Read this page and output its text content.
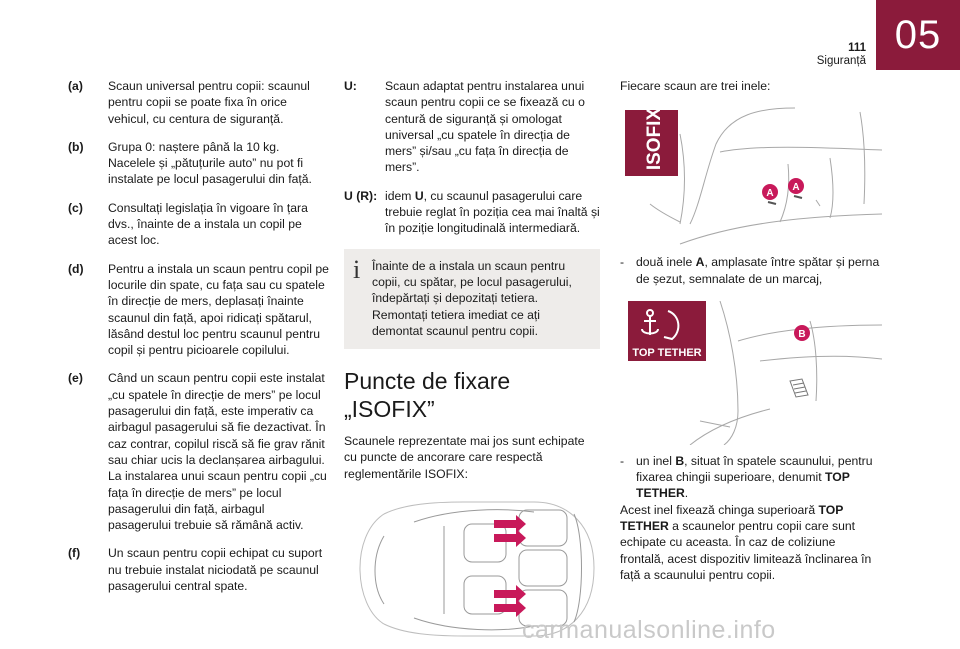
111
Siguranță
05
(a)	Scaun universal pentru copii: scaunul pentru copii se poate fixa în orice vehicul, cu centura de siguranță.
(b)	Grupa 0: naștere până la 10 kg. Nacelele și „pătuțurile auto” nu pot fi instalate pe locul pasagerului din față.
(c)	Consultați legislația în vigoare în țara dvs., înainte de a instala un copil pe acest loc.
(d)	Pentru a instala un scaun pentru copil pe locurile din spate, cu fața sau cu spatele în direcție de mers, deplasați înainte scaunul din față, apoi ridicați spătarul, lăsând destul loc pentru scaunul pentru copil și pentru picioarele copilului.
(e)	Când un scaun pentru copii este instalat „cu spatele în direcție de mers” pe locul pasagerului din față, este imperativ ca airbagul pasagerului să fie dezactivat. În caz contrar, copilul riscă să fie grav rănit sau chiar ucis la declanșarea airbagului. La instalarea unui scaun pentru copii „cu fața în direcție de mers” pe locul pasagerului din față, airbagul pasagerului trebuie să rămână activ.
(f)	Un scaun pentru copii echipat cu suport nu trebuie instalat niciodată pe scaunul pasagerului central spate.
U:	Scaun adaptat pentru instalarea unui scaun pentru copii ce se fixează cu o centură de siguranță și omologat universal „cu spatele în direcția de mers” și/sau „cu fața în direcția de mers”.
U (R): idem U, cu scaunul pasagerului care trebuie reglat în poziția cea mai înaltă și în poziție longitudinală intermediară.
i Înainte de a instala un scaun pentru copii, cu spătar, pe locul pasagerului, îndepărtați și depozitați tetiera. Remontați tetiera imediat ce ați demontat scaunul pentru copii.
Puncte de fixare „ISOFIX”
Scaunele reprezentate mai jos sunt echipate cu puncte de ancorare care respectă reglementările ISOFIX:
Fiecare scaun are trei inele:
ISOFIX
A
A
- două inele A, amplasate între spătar și perna de șezut, semnalate de un marcaj,
TOP TETHER
B
- un inel B, situat în spatele scaunului, pentru fixarea chingii superioare, denumit TOP TETHER.
Acest inel fixează chinga superioară TOP TETHER a scaunelor pentru copii care sunt echipate cu aceasta. În caz de coliziune frontală, acest dispozitiv limitează înclinarea în față a scaunului pentru copii.
carmanualsonline.info
